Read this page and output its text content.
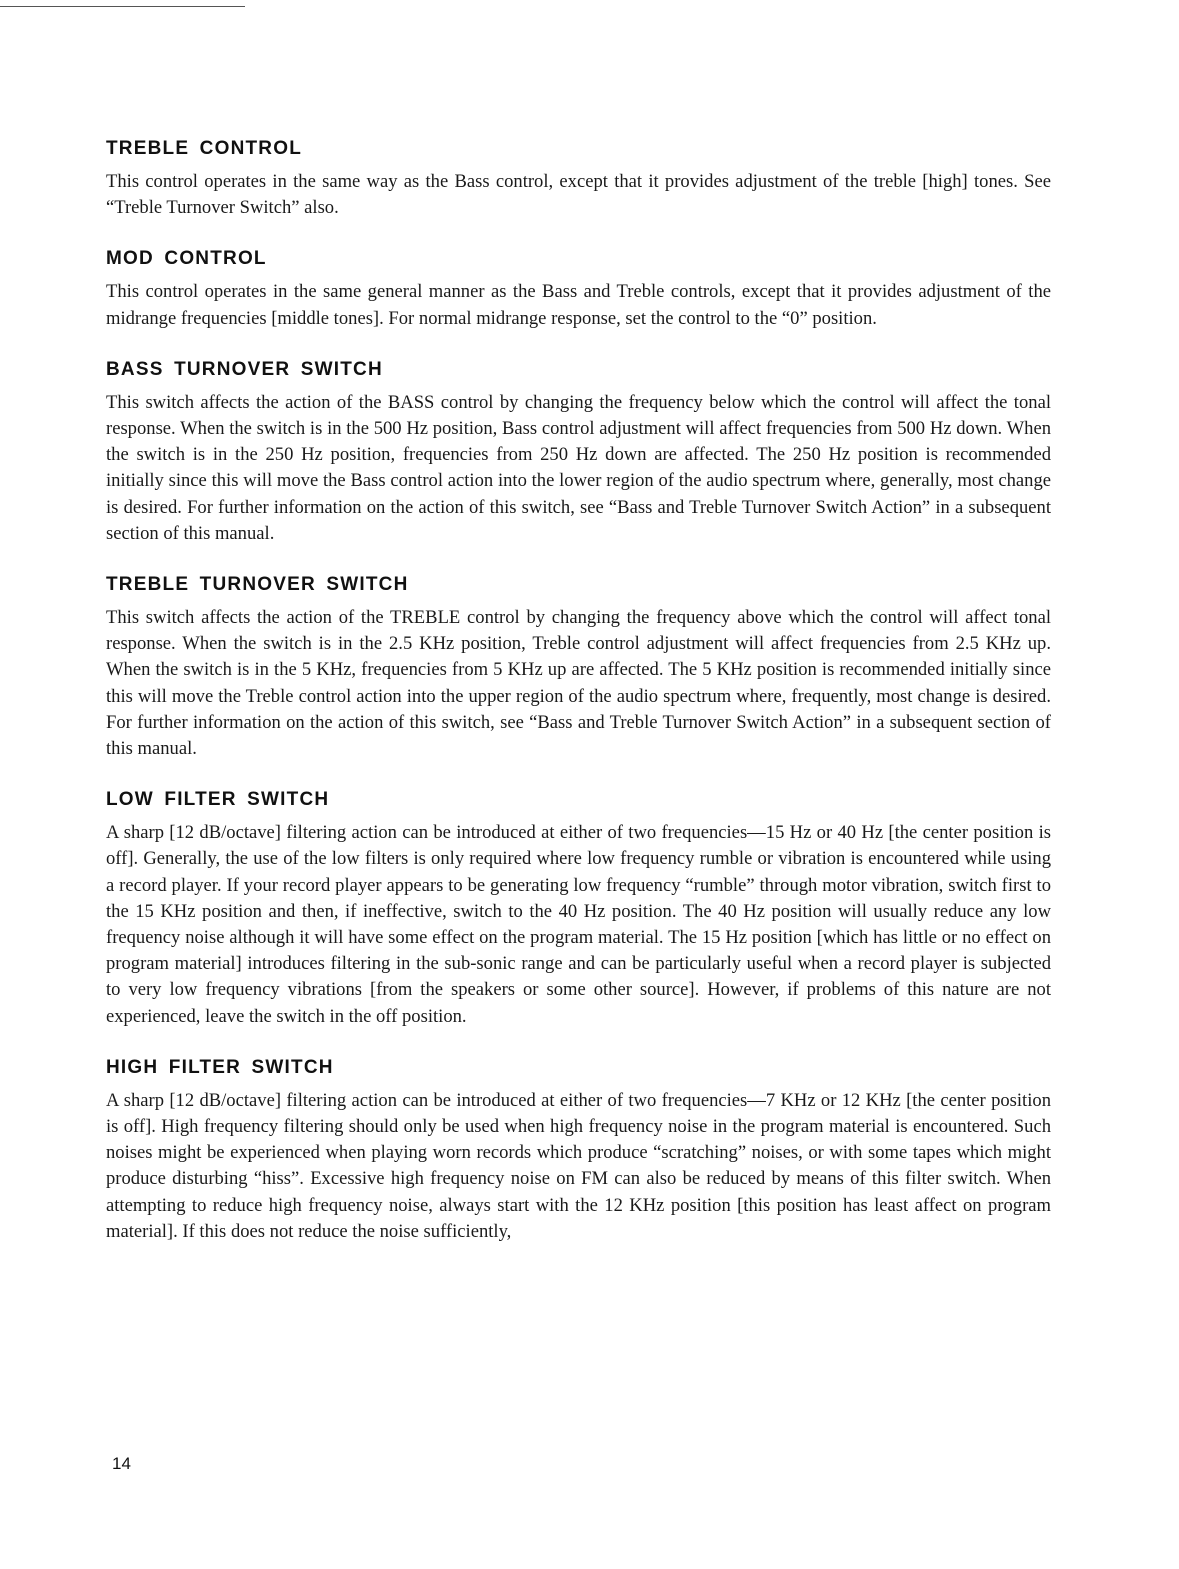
TREBLE CONTROL

This control operates in the same way as the Bass control, except that it provides adjustment of the treble [high] tones. See “Treble Turnover Switch” also.

MOD CONTROL

This control operates in the same general manner as the Bass and Treble controls, except that it provides adjustment of the midrange frequencies [middle tones]. For normal midrange response, set the control to the “0” position.

BASS TURNOVER SWITCH

This switch affects the action of the BASS control by changing the frequency below which the control will affect the tonal response. When the switch is in the 500 Hz position, Bass control adjustment will affect frequencies from 500 Hz down. When the switch is in the 250 Hz position, frequencies from 250 Hz down are affected. The 250 Hz position is recommended initially since this will move the Bass control action into the lower region of the audio spectrum where, generally, most change is desired. For further information on the action of this switch, see “Bass and Treble Turnover Switch Action” in a subsequent section of this manual.

TREBLE TURNOVER SWITCH

This switch affects the action of the TREBLE control by changing the frequency above which the control will affect tonal response. When the switch is in the 2.5 KHz position, Treble control adjustment will affect frequencies from 2.5 KHz up. When the switch is in the 5 KHz, frequencies from 5 KHz up are affected. The 5 KHz position is recommended initially since this will move the Treble control action into the upper region of the audio spectrum where, frequently, most change is desired. For further information on the action of this switch, see “Bass and Treble Turnover Switch Action” in a subsequent section of this manual.

LOW FILTER SWITCH

A sharp [12 dB/octave] filtering action can be introduced at either of two frequencies—15 Hz or 40 Hz [the center position is off]. Generally, the use of the low filters is only required where low frequency rumble or vibration is encountered while using a record player. If your record player appears to be generating low frequency “rumble” through motor vibration, switch first to the 15 KHz position and then, if ineffective, switch to the 40 Hz position. The 40 Hz position will usually reduce any low frequency noise although it will have some effect on the program material. The 15 Hz position [which has little or no effect on program material] introduces filtering in the sub-sonic range and can be particularly useful when a record player is subjected to very low frequency vibrations [from the speakers or some other source]. However, if problems of this nature are not experienced, leave the switch in the off position.

HIGH FILTER SWITCH

A sharp [12 dB/octave] filtering action can be introduced at either of two frequencies—7 KHz or 12 KHz [the center position is off]. High frequency filtering should only be used when high frequency noise in the program material is encountered. Such noises might be experienced when playing worn records which produce “scratching” noises, or with some tapes which might produce disturbing “hiss”. Excessive high frequency noise on FM can also be reduced by means of this filter switch. When attempting to reduce high frequency noise, always start with the 12 KHz position [this position has least affect on program material]. If this does not reduce the noise sufficiently,

14
